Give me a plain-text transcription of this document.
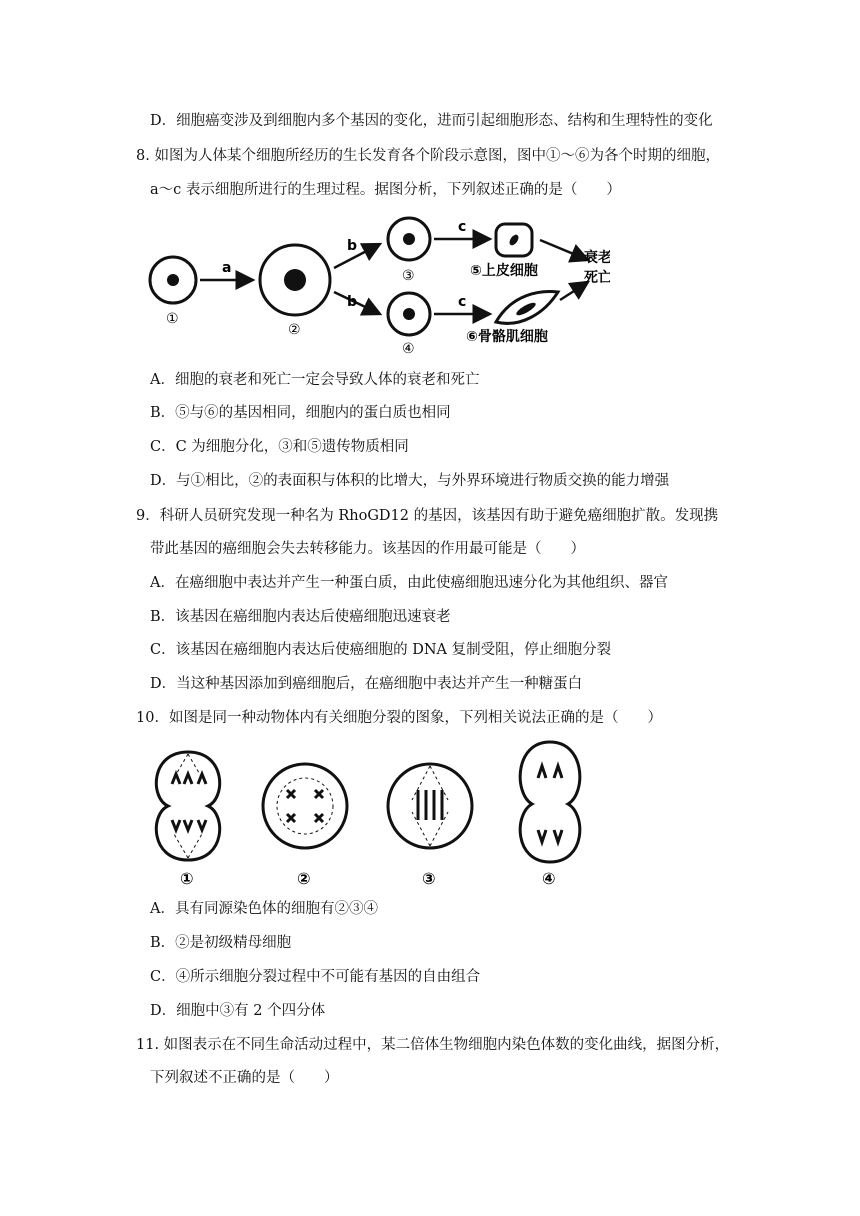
D．细胞癌变涉及到细胞内多个基因的变化，进而引起细胞形态、结构和生理特性的变化
8. 如图为人体某个细胞所经历的生长发育各个阶段示意图，图中①～⑥为各个时期的细胞，
a～c 表示细胞所进行的生理过程。据图分析，下列叙述正确的是（　　）
①
a
②
b
b
③
④
c
c
⑤上皮细胞
⑥骨骼肌细胞
衰老
死亡
A．细胞的衰老和死亡一定会导致人体的衰老和死亡
B．⑤与⑥的基因相同，细胞内的蛋白质也相同
C．C 为细胞分化，③和⑤遗传物质相同
D．与①相比，②的表面积与体积的比增大，与外界环境进行物质交换的能力增强
9．科研人员研究发现一种名为 RhoGD12 的基因，该基因有助于避免癌细胞扩散。发现携
带此基因的癌细胞会失去转移能力。该基因的作用最可能是（　　）
A．在癌细胞中表达并产生一种蛋白质，由此使癌细胞迅速分化为其他组织、器官
B．该基因在癌细胞内表达后使癌细胞迅速衰老
C．该基因在癌细胞内表达后使癌细胞的 DNA 复制受阻，停止细胞分裂
D．当这种基因添加到癌细胞后，在癌细胞中表达并产生一种糖蛋白
10．如图是同一种动物体内有关细胞分裂的图象，下列相关说法正确的是（　　）
①	②	③	④
A．具有同源染色体的细胞有②③④
B．②是初级精母细胞
C．④所示细胞分裂过程中不可能有基因的自由组合
D．细胞中③有 2 个四分体
11. 如图表示在不同生命活动过程中，某二倍体生物细胞内染色体数的变化曲线，据图分析，
下列叙述不正确的是（　　）
